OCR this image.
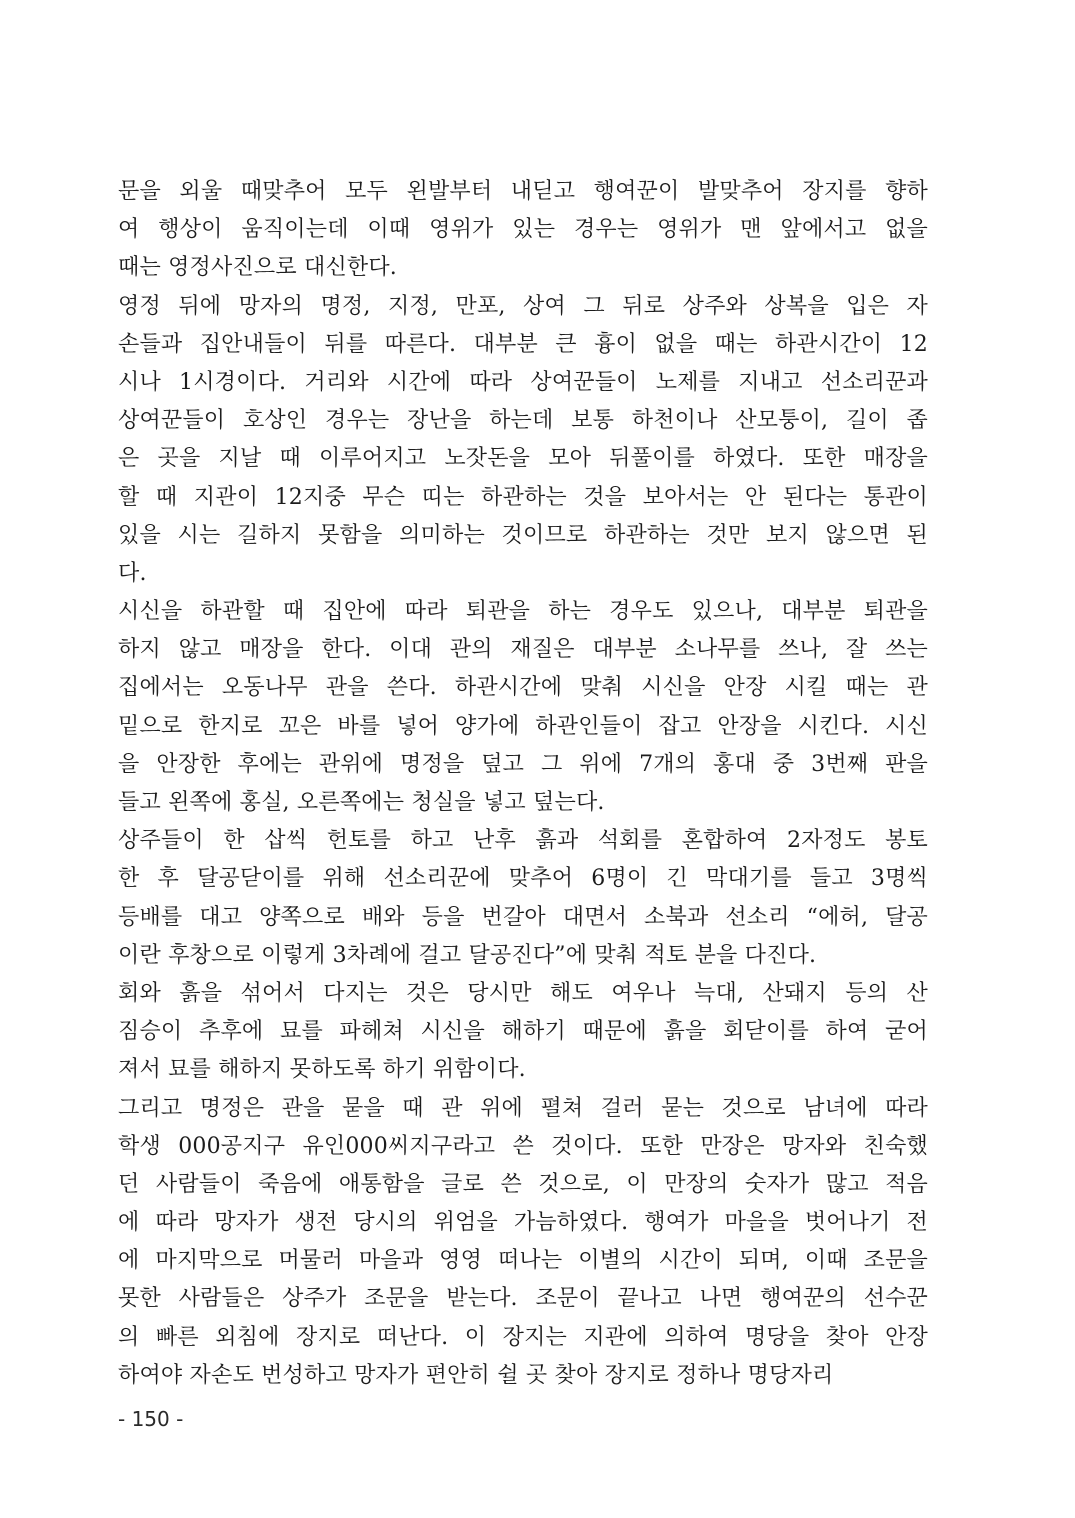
문을 외울 때맞추어 모두 왼발부터 내딛고 행여꾼이 발맞추어 장지를 향하
여 행상이 움직이는데 이때 영위가 있는 경우는 영위가 맨 앞에서고 없을
때는 영정사진으로 대신한다.
영정 뒤에 망자의 명정, 지정, 만포, 상여 그 뒤로 상주와 상복을 입은 자
손들과 집안내들이 뒤를 따른다. 대부분 큰 흉이 없을 때는 하관시간이 12
시나 1시경이다. 거리와 시간에 따라 상여꾼들이 노제를 지내고 선소리꾼과
상여꾼들이 호상인 경우는 장난을 하는데 보통 하천이나 산모퉁이, 길이 좁
은 곳을 지날 때 이루어지고 노잣돈을 모아 뒤풀이를 하였다. 또한 매장을
할 때 지관이 12지중 무슨 띠는 하관하는 것을 보아서는 안 된다는 통관이
있을 시는 길하지 못함을 의미하는 것이므로 하관하는 것만 보지 않으면 된
다.
시신을 하관할 때 집안에 따라 퇴관을 하는 경우도 있으나, 대부분 퇴관을
하지 않고 매장을 한다. 이대 관의 재질은 대부분 소나무를 쓰나, 잘 쓰는
집에서는 오동나무 관을 쓴다. 하관시간에 맞춰 시신을 안장 시킬 때는 관
밑으로 한지로 꼬은 바를 넣어 양가에 하관인들이 잡고 안장을 시킨다. 시신
을 안장한 후에는 관위에 명정을 덮고 그 위에 7개의 홍대 중 3번째 판을
들고 왼쪽에 홍실, 오른쪽에는 청실을 넣고 덮는다.
상주들이 한 삽씩 헌토를 하고 난후 흙과 석회를 혼합하여 2자정도 봉토
한 후 달공닫이를 위해 선소리꾼에 맞추어 6명이 긴 막대기를 들고 3명씩
등배를 대고 양쪽으로 배와 등을 번갈아 대면서 소북과 선소리 “에허, 달공
이란 후창으로 이렇게 3차례에 걸고 달공진다”에 맞춰 적토 분을 다진다.
회와 흙을 섞어서 다지는 것은 당시만 해도 여우나 늑대, 산돼지 등의 산
짐승이 추후에 묘를 파헤쳐 시신을 해하기 때문에 흙을 회닫이를 하여 굳어
져서 묘를 해하지 못하도록 하기 위함이다.
그리고 명정은 관을 묻을 때 관 위에 펼쳐 걸러 묻는 것으로 남녀에 따라
학생 000공지구 유인000씨지구라고 쓴 것이다. 또한 만장은 망자와 친숙했
던 사람들이 죽음에 애통함을 글로 쓴 것으로, 이 만장의 숫자가 많고 적음
에 따라 망자가 생전 당시의 위엄을 가늠하였다. 행여가 마을을 벗어나기 전
에 마지막으로 머물러 마을과 영영 떠나는 이별의 시간이 되며, 이때 조문을
못한 사람들은 상주가 조문을 받는다. 조문이 끝나고 나면 행여꾼의 선수꾼
의 빠른 외침에 장지로 떠난다. 이 장지는 지관에 의하여 명당을 찾아 안장
하여야 자손도 번성하고 망자가 편안히 쉴 곳 찾아 장지로 정하나 명당자리
- 150 -
